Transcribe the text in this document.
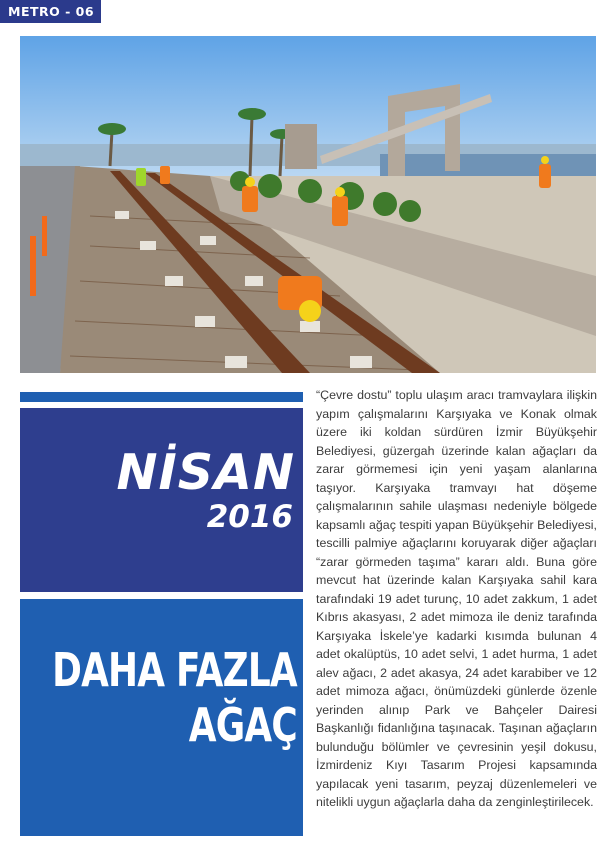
METRO - 06
NİSAN
2016
DAHA FAZLA
AĞAÇ

“Çevre dostu” toplu ulaşım aracı tramvaylara ilişkin yapım çalışmalarını Karşıyaka ve Konak olmak üzere iki koldan sürdüren İzmir Büyükşehir Belediyesi, güzergah üzerinde kalan ağaçları da zarar görmemesi için yeni yaşam alanlarına taşıyor. Karşıyaka tramvayı hat döşeme çalışmalarının sahile ulaşması nedeniyle bölgede kapsamlı ağaç tespiti yapan Büyükşehir Belediyesi, tescilli palmiye ağaçlarını koruyarak diğer ağaçları “zarar görmeden taşıma” kararı aldı. Buna göre mevcut hat üzerinde kalan Karşıyaka sahil kara tarafındaki 19 adet turunç, 10 adet zakkum, 1 adet Kıbrıs akasyası, 2 adet mimoza ile deniz tarafında Karşıyaka İskele’ye kadarki kısımda bulunan 4 adet okalüptüs, 10 adet selvi, 1 adet hurma, 1 adet alev ağacı, 2 adet akasya, 24 adet karabiber ve 12 adet mimoza ağacı, önümüzdeki günlerde özenle yerinden alınıp Park ve Bahçeler Dairesi Başkanlığı fidanlığına taşınacak. Taşınan ağaçların bulunduğu bölümler ve çevresinin yeşil dokusu, İzmirdeniz Kıyı Tasarım Projesi kapsamında yapılacak yeni tasarım, peyzaj düzenlemeleri ve nitelikli uygun ağaçlarla daha da zenginleştirilecek.
